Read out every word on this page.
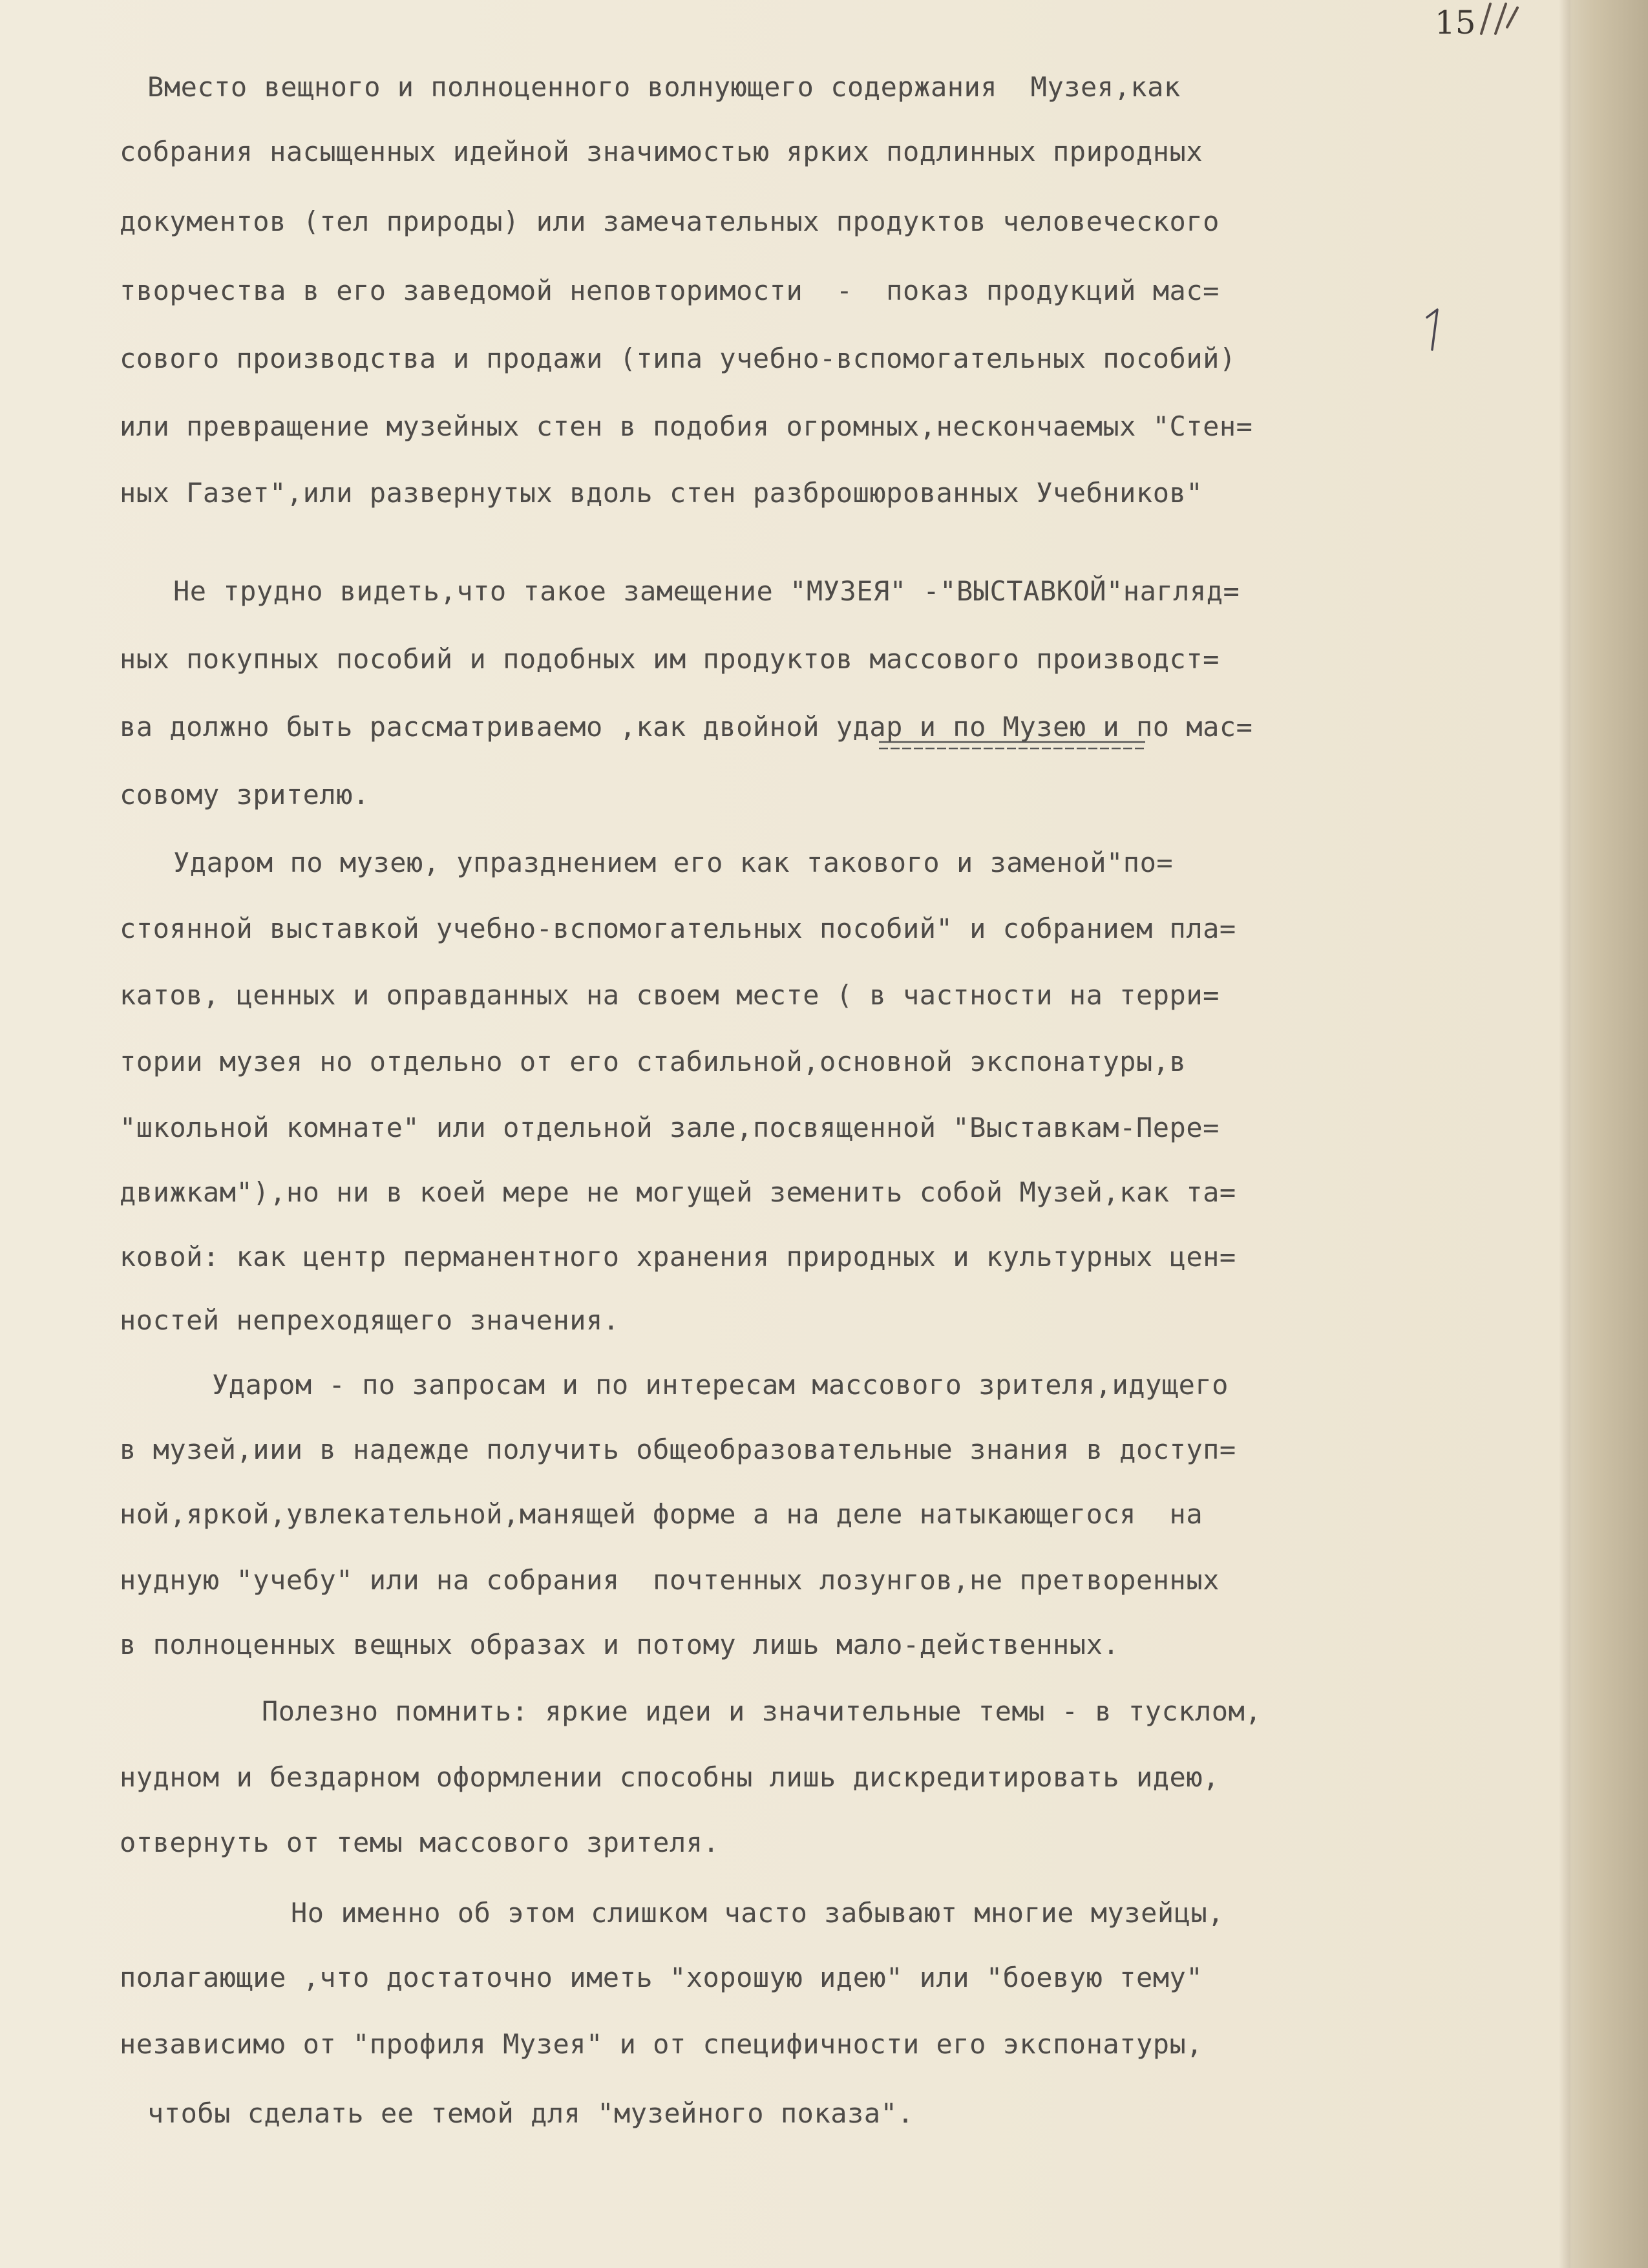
15

Вместо вещного и полноценного волнующего содержания  Музея,как

собрания насыщенных идейной значимостью ярких подлинных природных

документов (тел природы) или замечательных продуктов человеческого

творчества в его заведомой неповторимости  -  показ продукций мас=

сового производства и продажи (типа учебно-вспомогательных пособий)

или превращение музейных стен в подобия огромных,нескончаемых "Стен=

ных Газет",или развернутых вдоль стен разброшюрованных Учебников"

Не трудно видеть,что такое замещение "МУЗЕЯ" -"ВЫСТАВКОЙ"нагляд=

ных покупных пособий и подобных им продуктов массового производст=

ва должно быть рассматриваемо ,как двойной удар и по Музею и по мас=

совому зрителю.

Ударом по музею, упразднением его как такового и заменой"по=

стоянной выставкой учебно-вспомогательных пособий" и собранием пла=

катов, ценных и оправданных на своем месте ( в частности на терри=

тории музея но отдельно от его стабильной,основной экспонатуры,в

"школьной комнате" или отдельной зале,посвященной "Выставкам-Пере=

движкам"),но ни в коей мере не могущей земенить собой Музей,как та=

ковой: как центр перманентного хранения природных и культурных цен=

ностей непреходящего значения.

Ударом - по запросам и по интересам массового зрителя,идущего

в музей,иии в надежде получить общеобразовательные знания в доступ=

ной,яркой,увлекательной,манящей форме а на деле натыкающегося  на

нудную "учебу" или на собрания  почтенных лозунгов,не претворенных

в полноценных вещных образах и потому лишь мало-действенных.

Полезно помнить: яркие идеи и значительные темы - в тусклом,

нудном и бездарном оформлении способны лишь дискредитировать идею,

отвернуть от темы массового зрителя.

Но именно об этом слишком часто забывают многие музейцы,

полагающие ,что достаточно иметь "хорошую идею" или "боевую тему"

независимо от "профиля Музея" и от специфичности его экспонатуры,

чтобы сделать ее темой для "музейного показа".
